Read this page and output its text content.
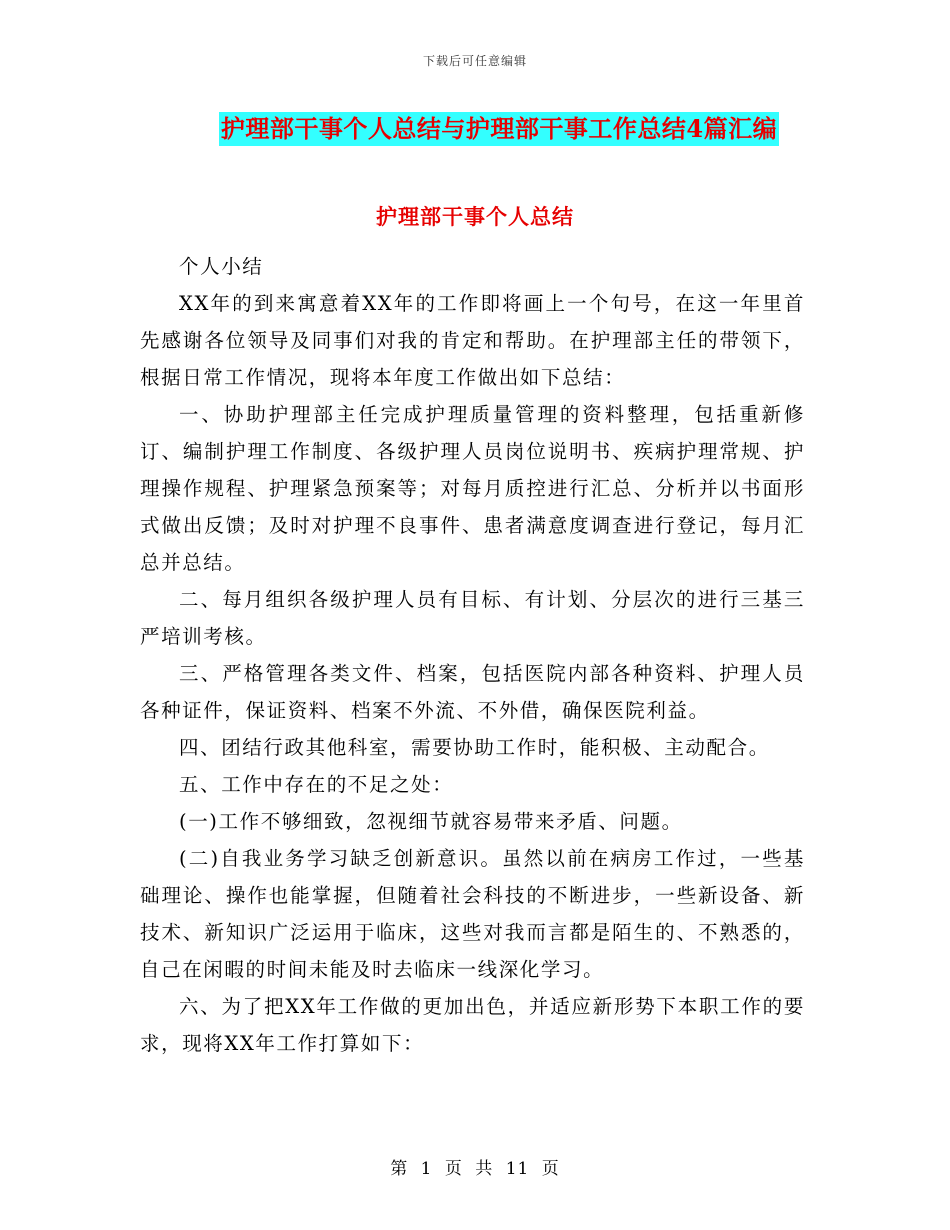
下载后可任意编辑
护理部干事个人总结与护理部干事工作总结4篇汇编
护理部干事个人总结

个人小结

XX年的到来寓意着XX年的工作即将画上一个句号，在这一年里首先感谢各位领导及同事们对我的肯定和帮助。在护理部主任的带领下，根据日常工作情况，现将本年度工作做出如下总结：

一、协助护理部主任完成护理质量管理的资料整理，包括重新修订、编制护理工作制度、各级护理人员岗位说明书、疾病护理常规、护理操作规程、护理紧急预案等；对每月质控进行汇总、分析并以书面形式做出反馈；及时对护理不良事件、患者满意度调查进行登记，每月汇总并总结。

二、每月组织各级护理人员有目标、有计划、分层次的进行三基三严培训考核。

三、严格管理各类文件、档案，包括医院内部各种资料、护理人员各种证件，保证资料、档案不外流、不外借，确保医院利益。

四、团结行政其他科室，需要协助工作时，能积极、主动配合。

五、工作中存在的不足之处：

(一)工作不够细致，忽视细节就容易带来矛盾、问题。

(二)自我业务学习缺乏创新意识。虽然以前在病房工作过，一些基础理论、操作也能掌握，但随着社会科技的不断进步，一些新设备、新技术、新知识广泛运用于临床，这些对我而言都是陌生的、不熟悉的，自己在闲暇的时间未能及时去临床一线深化学习。

六、为了把XX年工作做的更加出色，并适应新形势下本职工作的要求，现将XX年工作打算如下：

第 1 页 共 11 页
